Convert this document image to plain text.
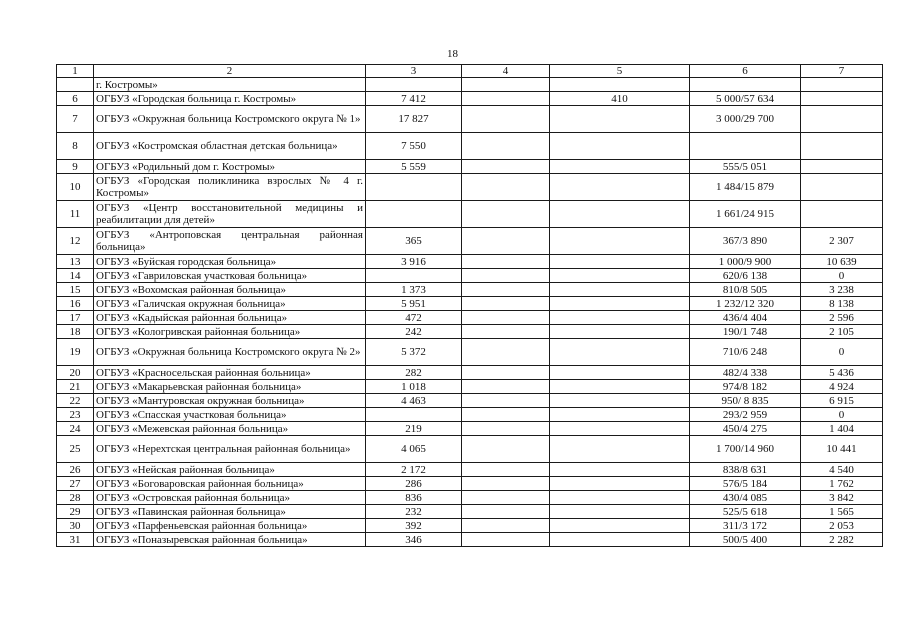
18
1	2	3	4	5	6	7
	г. Костромы»					
6	ОГБУЗ «Городская больница г. Костромы»	7 412		410	5 000/57 634	
7	ОГБУЗ «Окружная больница Костромского округа № 1»	17 827			3 000/29 700	
8	ОГБУЗ «Костромская областная детская больница»	7 550				
9	ОГБУЗ «Родильный дом г. Костромы»	5 559			555/5 051	
10	ОГБУЗ «Городская поликлиника взрослых № 4 г. Костромы»				1 484/15 879	
11	ОГБУЗ «Центр восстановительной медицины и реабилитации для детей»				1 661/24 915	
12	ОГБУЗ «Антроповская центральная районная больница»	365			367/3 890	2 307
13	ОГБУЗ «Буйская городская больница»	3 916			1 000/9 900	10 639
14	ОГБУЗ «Гавриловская участковая больница»				620/6 138	0
15	ОГБУЗ «Вохомская районная больница»	1 373			810/8 505	3 238
16	ОГБУЗ «Галичская окружная больница»	5 951			1 232/12 320	8 138
17	ОГБУЗ «Кадыйская районная больница»	472			436/4 404	2 596
18	ОГБУЗ «Кологривская районная больница»	242			190/1 748	2 105
19	ОГБУЗ «Окружная больница Костромского округа № 2»	5 372			710/6 248	0
20	ОГБУЗ «Красносельская районная больница»	282			482/4 338	5 436
21	ОГБУЗ «Макарьевская районная больница»	1 018			974/8 182	4 924
22	ОГБУЗ «Мантуровская окружная больница»	4 463			950/ 8 835	6 915
23	ОГБУЗ «Спасская участковая больница»				293/2 959	0
24	ОГБУЗ «Межевская районная больница»	219			450/4 275	1 404
25	ОГБУЗ «Нерехтская центральная районная больница»	4 065			1 700/14 960	10 441
26	ОГБУЗ «Нейская районная больница»	2 172			838/8 631	4 540
27	ОГБУЗ «Боговаровская районная больница»	286			576/5 184	1 762
28	ОГБУЗ «Островская районная больница»	836			430/4 085	3 842
29	ОГБУЗ «Павинская районная больница»	232			525/5 618	1 565
30	ОГБУЗ «Парфеньевская районная больница»	392			311/3 172	2 053
31	ОГБУЗ «Поназыревская районная больница»	346			500/5 400	2 282
